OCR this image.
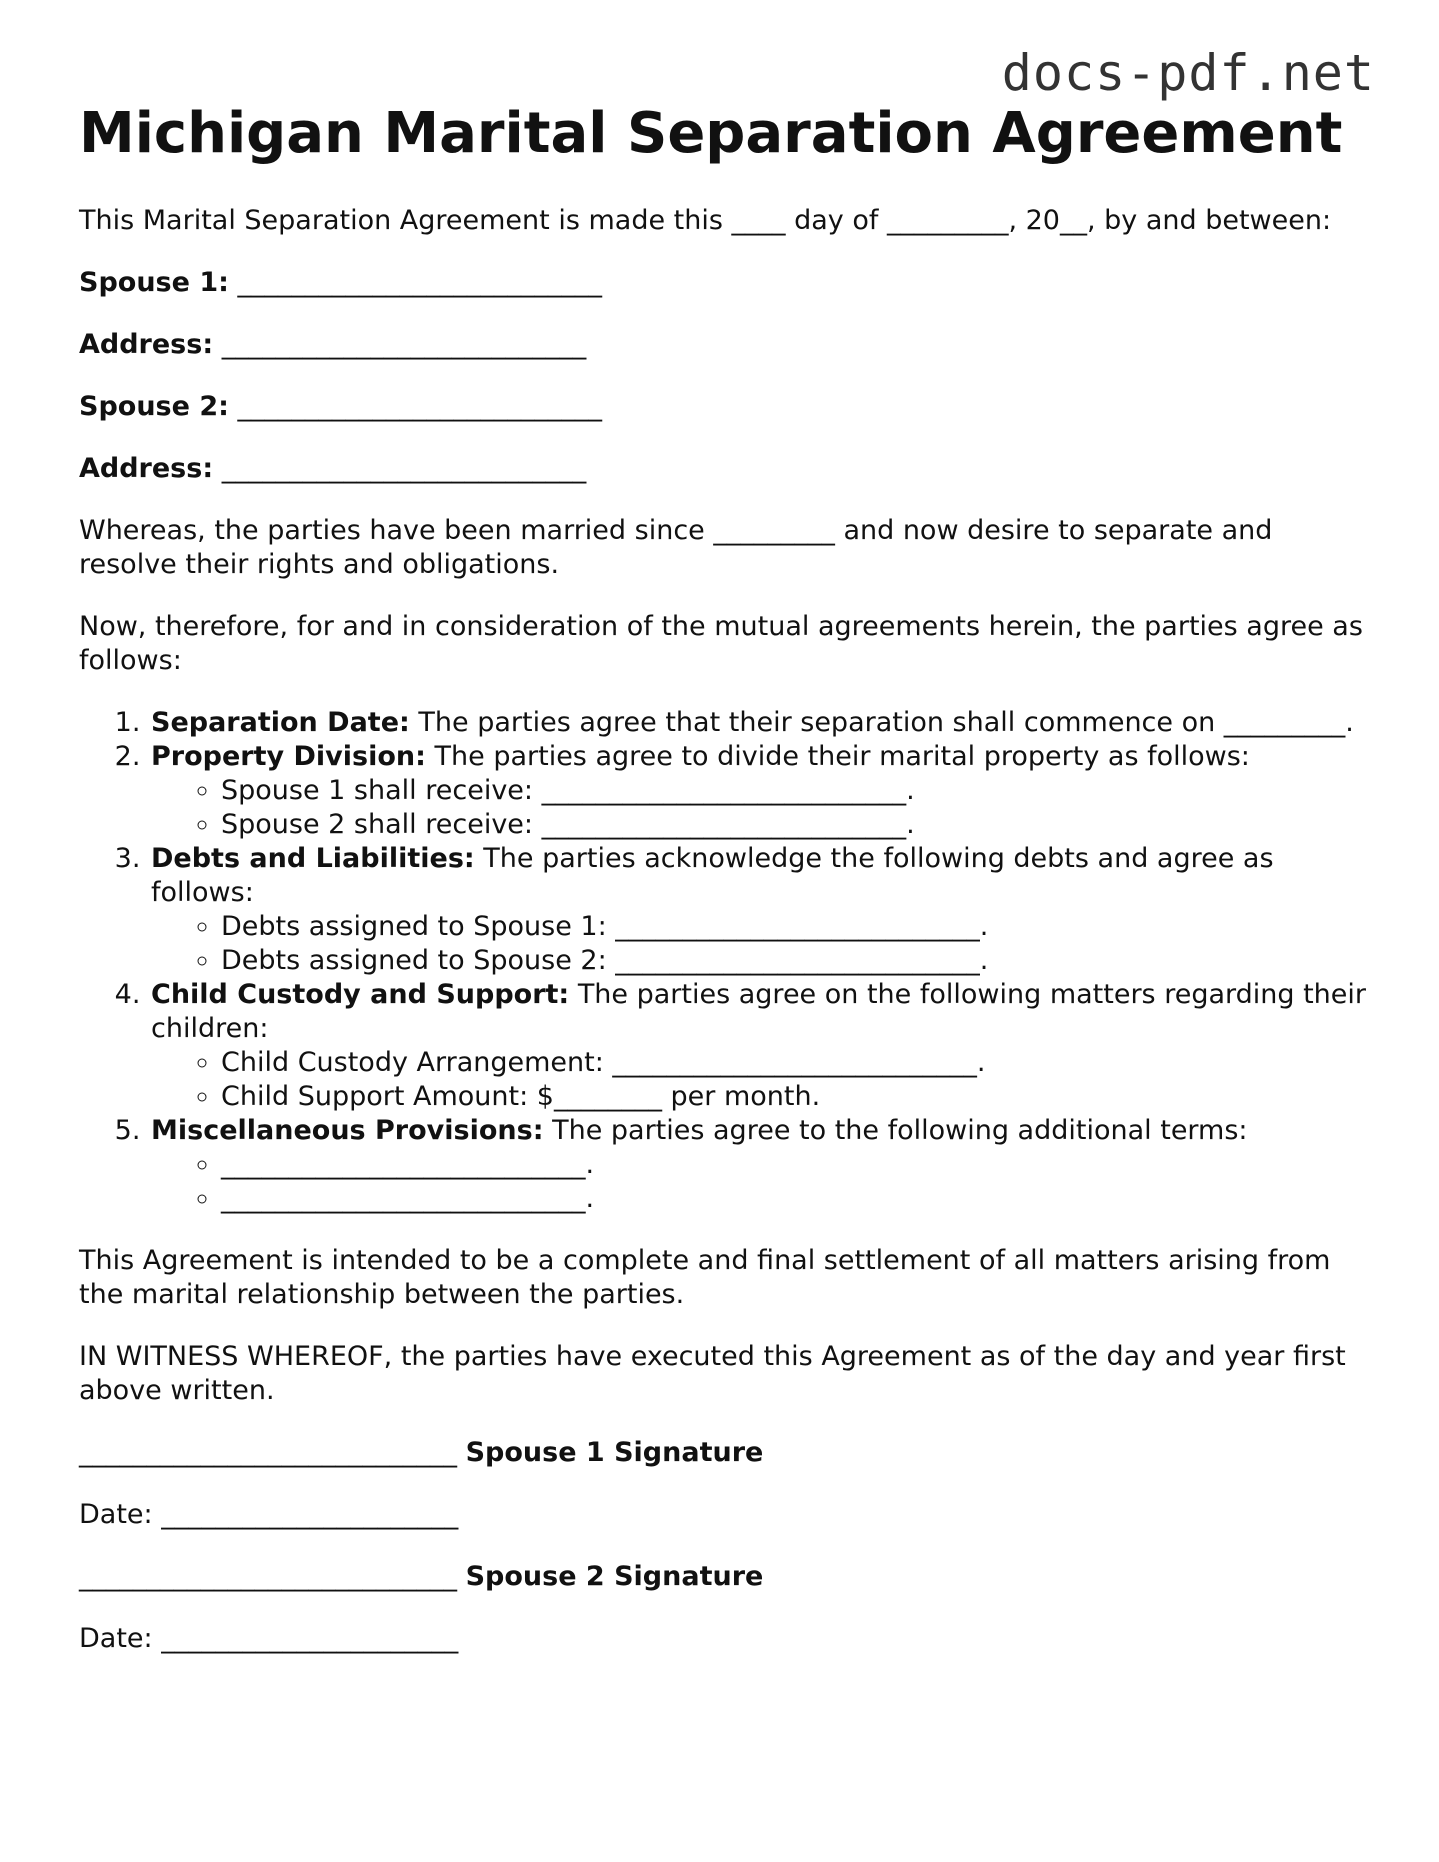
docs-pdf.net
Michigan Marital Separation Agreement

This Marital Separation Agreement is made this ____ day of _________, 20__, by and between:

Spouse 1: ___________________________

Address: ___________________________

Spouse 2: ___________________________

Address: ___________________________

Whereas, the parties have been married since _________ and now desire to separate and resolve their rights and obligations.

Now, therefore, for and in consideration of the mutual agreements herein, the parties agree as follows:

1. Separation Date: The parties agree that their separation shall commence on _________.
2. Property Division: The parties agree to divide their marital property as follows:
◦ Spouse 1 shall receive: ___________________________.
◦ Spouse 2 shall receive: ___________________________.
3. Debts and Liabilities: The parties acknowledge the following debts and agree as follows:
◦ Debts assigned to Spouse 1: ___________________________.
◦ Debts assigned to Spouse 2: ___________________________.
4. Child Custody and Support: The parties agree on the following matters regarding their children:
◦ Child Custody Arrangement: ___________________________.
◦ Child Support Amount: $________ per month.
5. Miscellaneous Provisions: The parties agree to the following additional terms:
◦ ___________________________.
◦ ___________________________.

This Agreement is intended to be a complete and final settlement of all matters arising from the marital relationship between the parties.

IN WITNESS WHEREOF, the parties have executed this Agreement as of the day and year first above written.

____________________________ Spouse 1 Signature

Date: ______________________

____________________________ Spouse 2 Signature

Date: ______________________
